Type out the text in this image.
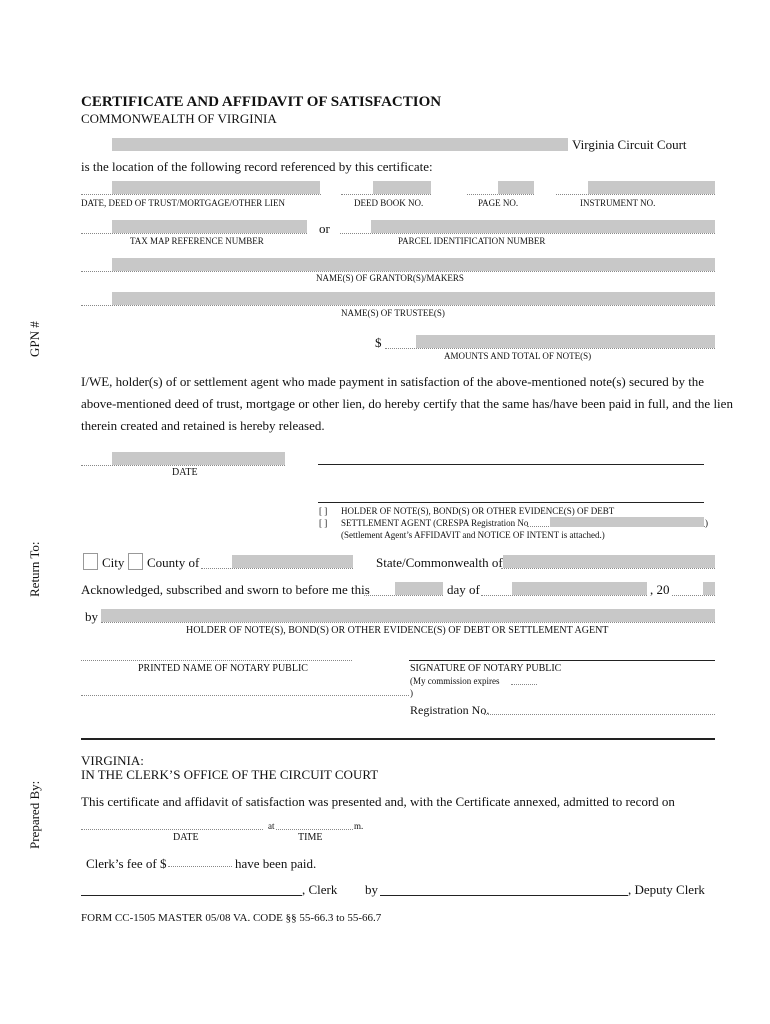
GPN #
Return To:
Prepared By:
CERTIFICATE AND AFFIDAVIT OF SATISFACTION
COMMONWEALTH OF VIRGINIA
Virginia Circuit Court
is the location of the following record referenced by this certificate:
DATE, DEED OF TRUST/MORTGAGE/OTHER LIEN	DEED BOOK NO.	PAGE NO.	INSTRUMENT NO.
or
TAX MAP REFERENCE NUMBER	PARCEL IDENTIFICATION NUMBER
NAME(S) OF GRANTOR(S)/MAKERS
NAME(S) OF TRUSTEE(S)
$
AMOUNTS AND TOTAL OF NOTE(S)
I/WE, holder(s) of or settlement agent who made payment in satisfaction of the above-mentioned note(s) secured by the
above-mentioned deed of trust, mortgage or other lien, do hereby certify that the same has/have been paid in full, and the lien
therein created and retained is hereby released.
DATE
[ ] HOLDER OF NOTE(S), BOND(S) OR OTHER EVIDENCE(S) OF DEBT
[ ] SETTLEMENT AGENT (CRESPA Registration No	)
(Settlement Agent’s AFFIDAVIT and NOTICE OF INTENT is attached.)
City County of	State/Commonwealth of
Acknowledged, subscribed and sworn to before me this	day of	, 20
by
HOLDER OF NOTE(S), BOND(S) OR OTHER EVIDENCE(S) OF DEBT OR SETTLEMENT AGENT
PRINTED NAME OF NOTARY PUBLIC	SIGNATURE OF NOTARY PUBLIC
(My commission expires
)
Registration No.
VIRGINIA:
IN THE CLERK’S OFFICE OF THE CIRCUIT COURT
This certificate and affidavit of satisfaction was presented and, with the Certificate annexed, admitted to record on
at	m.
DATE	TIME
Clerk’s fee of $	have been paid.
, Clerk by	, Deputy Clerk
FORM CC-1505 MASTER 05/08 VA. CODE §§ 55-66.3 to 55-66.7
